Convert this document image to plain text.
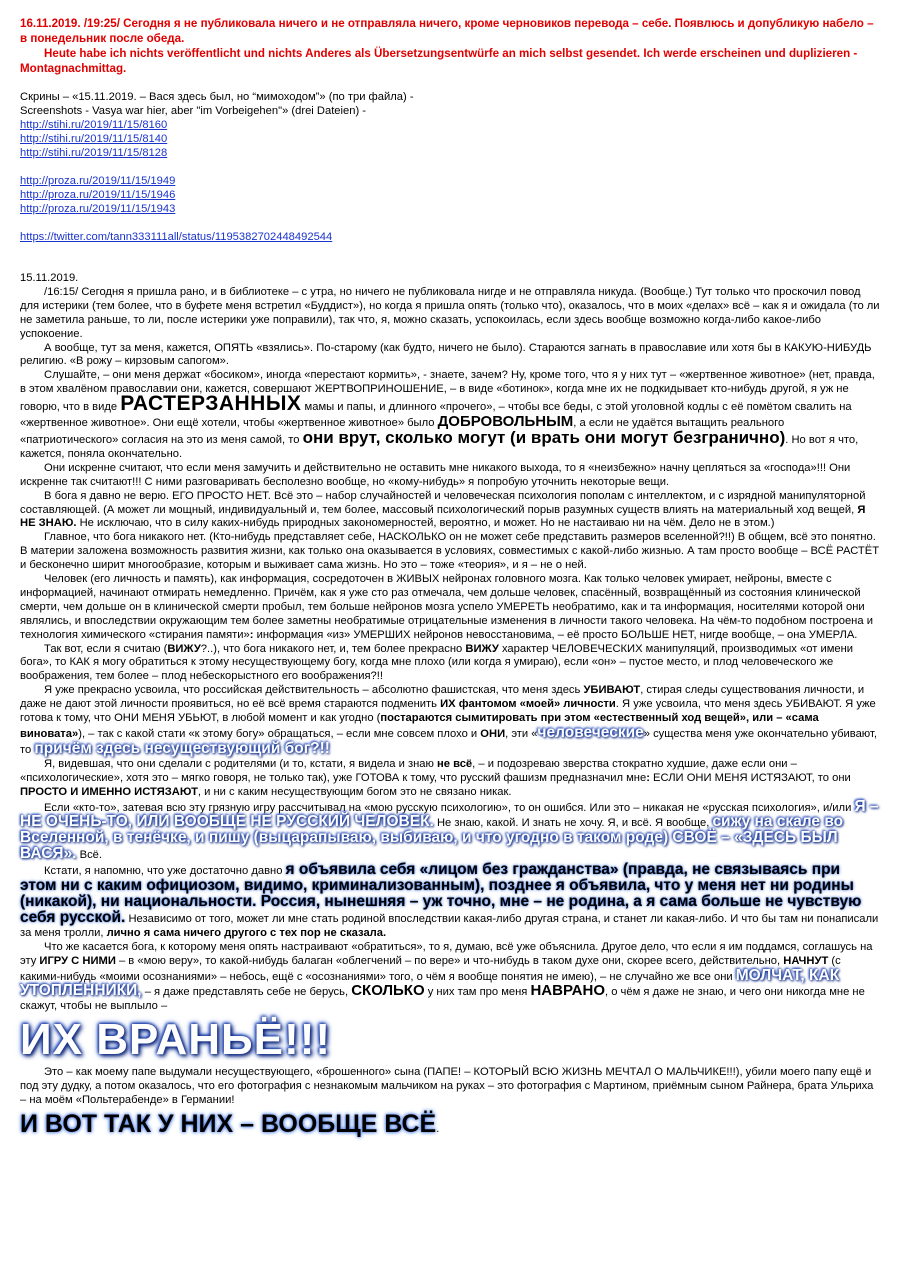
16.11.2019. /19:25/ Сегодня я не публиковала ничего и не отправляла ничего, кроме черновиков перевода – себе. Появлюсь и допубликую набело – в понедельник после обеда.

Heute habe ich nichts veröffentlicht und nichts Anderes als Übersetzungsentwürfe an mich selbst gesendet. Ich werde erscheinen und duplizieren - Montagnachmittag.

Скрины – «15.11.2019. – Вася здесь был, но “мимоходом”» (по три файла) -

Screenshots - Vasya war hier, aber "im Vorbeigehen"» (drei Dateien) -

http://stihi.ru/2019/11/15/8160
http://stihi.ru/2019/11/15/8140
http://stihi.ru/2019/11/15/8128
http://proza.ru/2019/11/15/1949
http://proza.ru/2019/11/15/1946
http://proza.ru/2019/11/15/1943
https://twitter.com/tann333111all/status/1195382702448492544

15.11.2019.

/16:15/ Сегодня я пришла рано, и в библиотеке – с утра, но ничего не публиковала нигде и не отправляла никуда. (Вообще.) Тут только что проскочил повод для истерики (тем более, что в буфете меня встретил «Буддист»), но когда я пришла опять (только что), оказалось, что в моих «делах» всё – как я и ожидала (то ли не заметила раньше, то ли, после истерики уже поправили), так что, я, можно сказать, успокоилась, если здесь вообще возможно когда-либо какое-либо успокоение.

А вообще, тут за меня, кажется, ОПЯТЬ «взялись». По-старому (как будто, ничего не было). Стараются загнать в православие или хотя бы в КАКУЮ-НИБУДЬ религию. «В рожу – кирзовым сапогом».

Слушайте, – они меня держат «босиком», иногда «перестают кормить», - знаете, зачем? Ну, кроме того, что я у них тут – «жертвенное животное» (нет, правда, в этом хвалёном православии они, кажется, совершают ЖЕРТВОПРИНОШЕНИЕ, – в виде «ботинок», когда мне их не подкидывает кто-нибудь другой, я уж не говорю, что в виде РАСТЕРЗАННЫХ мамы и папы, и длинного «прочего», – чтобы все беды, с этой уголовной кодлы с её помётом свалить на «жертвенное животное». Они ещё хотели, чтобы «жертвенное животное» было ДОБРОВОЛЬНЫМ, а если не удаётся вытащить реального «патриотического» согласия на это из меня самой, то они врут, сколько могут (и врать они могут безгранично). Но вот я что, кажется, поняла окончательно.

Они искренне считают, что если меня замучить и действительно не оставить мне никакого выхода, то я «неизбежно» начну цепляться за «господа»!!! Они искренне так считают!!! С ними разговаривать бесполезно вообще, но «кому-нибудь» я попробую уточнить некоторые вещи.

В бога я давно не верю. ЕГО ПРОСТО НЕТ. Всё это – набор случайностей и человеческая психология пополам с интеллектом, и с изрядной манипуляторной составляющей. (А может ли мощный, индивидуальный и, тем более, массовый психологический порыв разумных существ влиять на материальный ход вещей, Я НЕ ЗНАЮ. Не исключаю, что в силу каких-нибудь природных закономерностей, вероятно, и может. Но не настаиваю ни на чём. Дело не в этом.)

Главное, что бога никакого нет. (Кто-нибудь представляет себе, НАСКОЛЬКО он не может себе представить размеров вселенной?!!) В общем, всё это понятно. В материи заложена возможность развития жизни, как только она оказывается в условиях, совместимых с какой-либо жизнью. А там просто вообще – ВСЁ РАСТЁТ и бесконечно ширит многообразие, которым и выживает сама жизнь. Но это – тоже «теория», и я – не о ней.

Человек (его личность и память), как информация, сосредоточен в ЖИВЫХ нейронах головного мозга. Как только человек умирает, нейроны, вместе с информацией, начинают отмирать немедленно. Причём, как я уже сто раз отмечала, чем дольше человек, спасённый, возвращённый из состояния клинической смерти, чем дольше он в клинической смерти пробыл, тем больше нейронов мозга успело УМЕРЕТЬ необратимо, как и та информация, носителями которой они являлись, и впоследствии окружающим тем более заметны необратимые отрицательные изменения в личности такого человека. На чём-то подобном построена и технология химического «стирания памяти»: информация «из» УМЕРШИХ нейронов невосстановима, – её просто БОЛЬШЕ НЕТ, нигде вообще, – она УМЕРЛА.

Так вот, если я считаю (ВИЖУ?..), что бога никакого нет, и, тем более прекрасно ВИЖУ характер ЧЕЛОВЕЧЕСКИХ манипуляций, производимых «от имени бога», то КАК я могу обратиться к этому несуществующему богу, когда мне плохо (или когда я умираю), если «он» – пустое место, и плод человеческого же воображения, тем более – плод небескорыстного его воображения?!!

Я уже прекрасно усвоила, что российская действительность – абсолютно фашистская, что меня здесь УБИВАЮТ, стирая следы существования личности, и даже не дают этой личности проявиться, но её всё время стараются подменить ИХ фантомом «моей» личности. Я уже усвоила, что меня здесь УБИВАЮТ. Я уже готова к тому, что ОНИ МЕНЯ УБЬЮТ, в любой момент и как угодно (постараются сымитировать при этом «естественный ход вещей», или – «сама виновата»), – так с какой стати «к этому богу» обращаться, – если мне совсем плохо и ОНИ, эти «человеческие» существа меня уже окончательно убивают, то причём здесь несуществующий бог?!!

Я, видевшая, что они сделали с родителями (и то, кстати, я видела и знаю не всё, – и подозреваю зверства стократно худшие, даже если они – «психологические», хотя это – мягко говоря, не только так), уже ГОТОВА к тому, что русский фашизм предназначил мне: ЕСЛИ ОНИ МЕНЯ ИСТЯЗАЮТ, то они ПРОСТО И ИМЕННО ИСТЯЗАЮТ, и ни с каким несуществующим богом это не связано никак.

Если «кто-то», затевая всю эту грязную игру рассчитывал на «мою русскую психологию», то он ошибся. Или это – никакая не «русская психология», и/или Я – НЕ ОЧЕНЬ-ТО, ИЛИ ВООБЩЕ НЕ РУССКИЙ ЧЕЛОВЕК. Не знаю, какой. И знать не хочу. Я, и всё. Я вообще, сижу на скале во Вселенной, в тенёчке, и пишу (выцарапываю, выбиваю, и что угодно в таком роде) СВОЁ – «ЗДЕСЬ БЫЛ ВАСЯ». Всё.

Кстати, я напомню, что уже достаточно давно я объявила себя «лицом без гражданства» (правда, не связываясь при этом ни с каким официозом, видимо, криминализованным), позднее я объявила, что у меня нет ни родины (никакой), ни национальности. Россия, нынешняя – уж точно, мне – не родина, а я сама больше не чувствую себя русской. Независимо от того, может ли мне стать родиной впоследствии какая-либо другая страна, и станет ли какая-либо. И что бы там ни понаписали за меня тролли, лично я сама ничего другого с тех пор не сказала.

Что же касается бога, к которому меня опять настраивают «обратиться», то я, думаю, всё уже объяснила. Другое дело, что если я им поддамся, соглашусь на эту ИГРУ С НИМИ – в «мою веру», то какой-нибудь балаган «облегчений – по вере» и что-нибудь в таком духе они, скорее всего, действительно, НАЧНУТ (с какими-нибудь «моими осознаниями» – небось, ещё с «осознаниями» того, о чём я вообще понятия не имею), – не случайно же все они МОЛЧАТ, КАК УТОПЛЕННИКИ, – я даже представлять себе не берусь, СКОЛЬКО у них там про меня НАВРАНО, о чём я даже не знаю, и чего они никогда мне не скажут, чтобы не выплыло –

ИХ ВРАНЬЁ!!!

Это – как моему папе выдумали несуществующего, «брошенного» сына (ПАПЕ! – КОТОРЫЙ ВСЮ ЖИЗНЬ МЕЧТАЛ О МАЛЬЧИКЕ!!!), убили моего папу ещё и под эту дудку, а потом оказалось, что его фотография с незнакомым мальчиком на руках – это фотография с Мартином, приёмным сыном Райнера, брата Ульриха – на моём «Польтерабенде» в Германии!

И ВОТ ТАК У НИХ – ВООБЩЕ ВСЁ.
